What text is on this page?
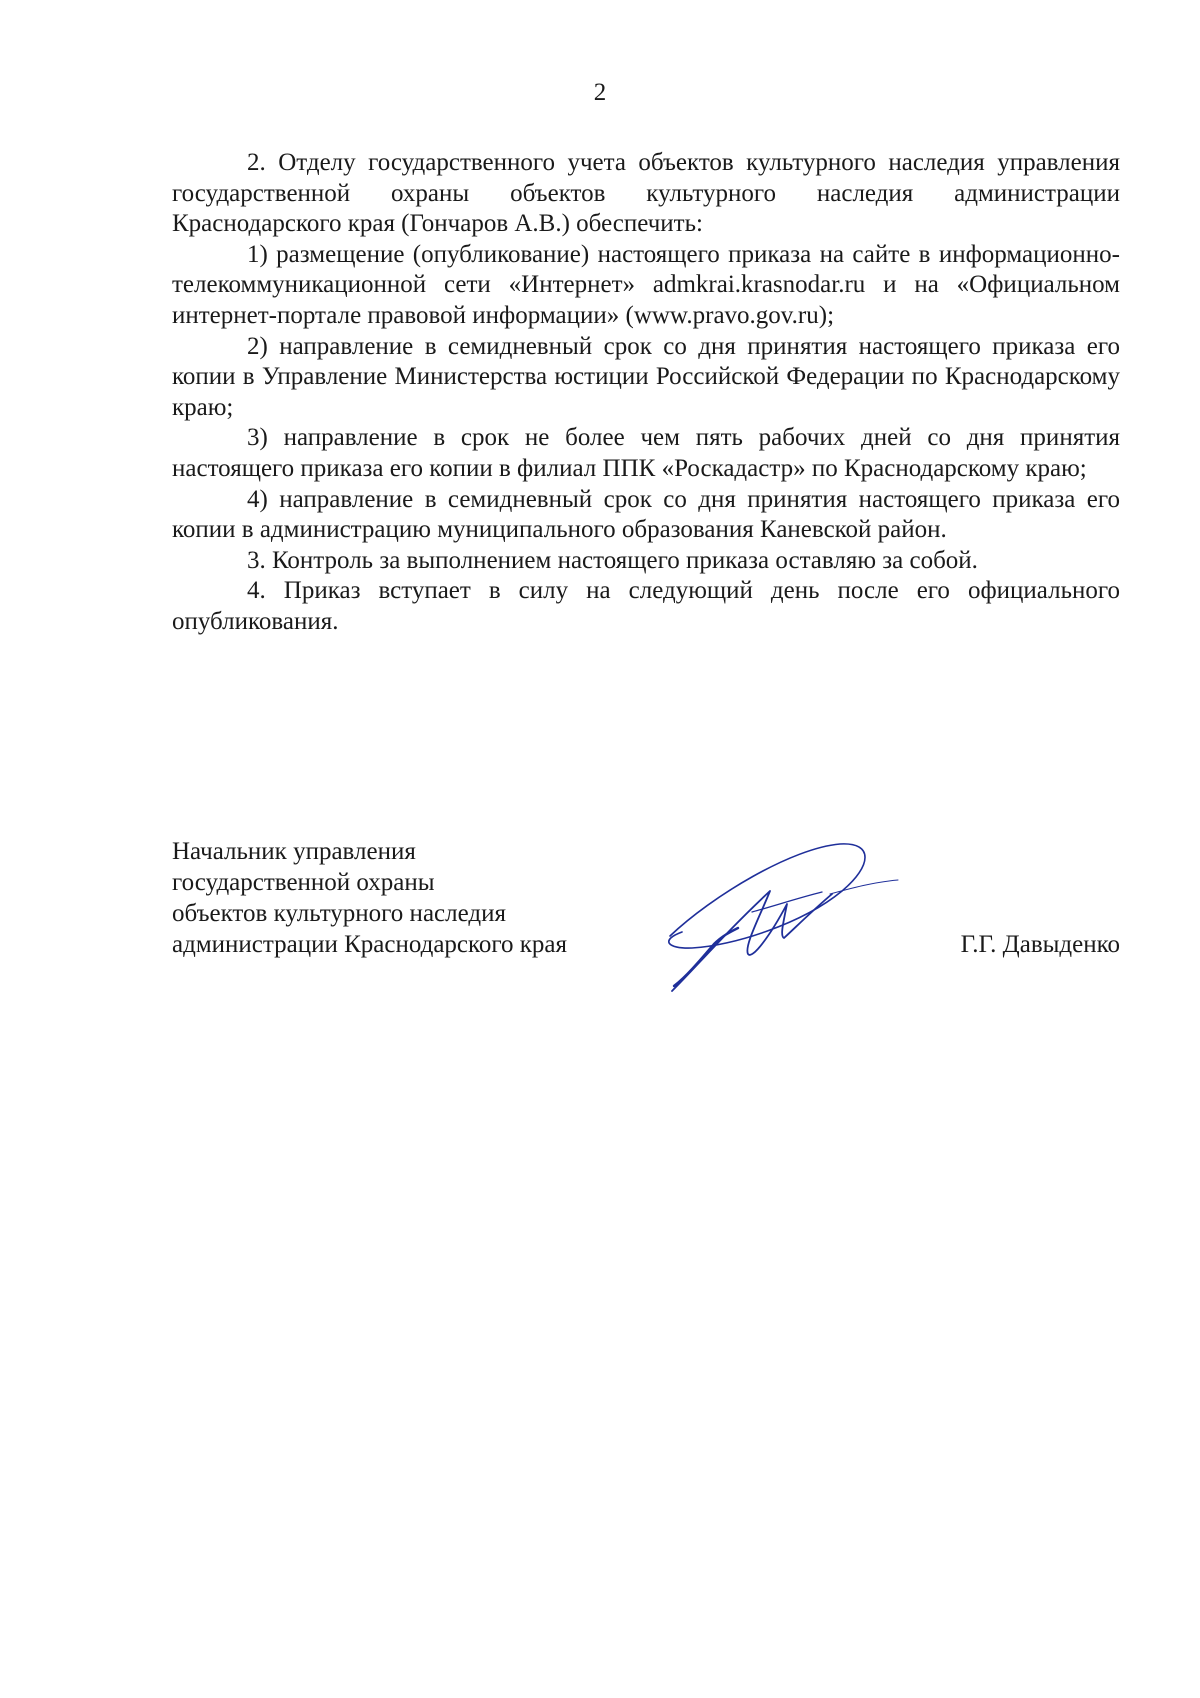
2

2. Отделу государственного учета объектов культурного наследия управления государственной охраны объектов культурного наследия администрации Краснодарского края (Гончаров А.В.) обеспечить:

1) размещение (опубликование) настоящего приказа на сайте в информационно-телекоммуникационной сети «Интернет» admkrai.krasnodar.ru и на «Официальном интернет-портале правовой информации» (www.pravo.gov.ru);

2) направление в семидневный срок со дня принятия настоящего приказа его копии в Управление Министерства юстиции Российской Федерации по Краснодарскому краю;

3) направление в срок не более чем пять рабочих дней со дня принятия настоящего приказа его копии в филиал ППК «Роскадастр» по Краснодарскому краю;

4) направление в семидневный срок со дня принятия настоящего приказа его копии в администрацию муниципального образования Каневской район.

3. Контроль за выполнением настоящего приказа оставляю за собой.

4. Приказ вступает в силу на следующий день после его официального опубликования.

Начальник управления
государственной охраны
объектов культурного наследия
администрации Краснодарского края	Г.Г. Давыденко
